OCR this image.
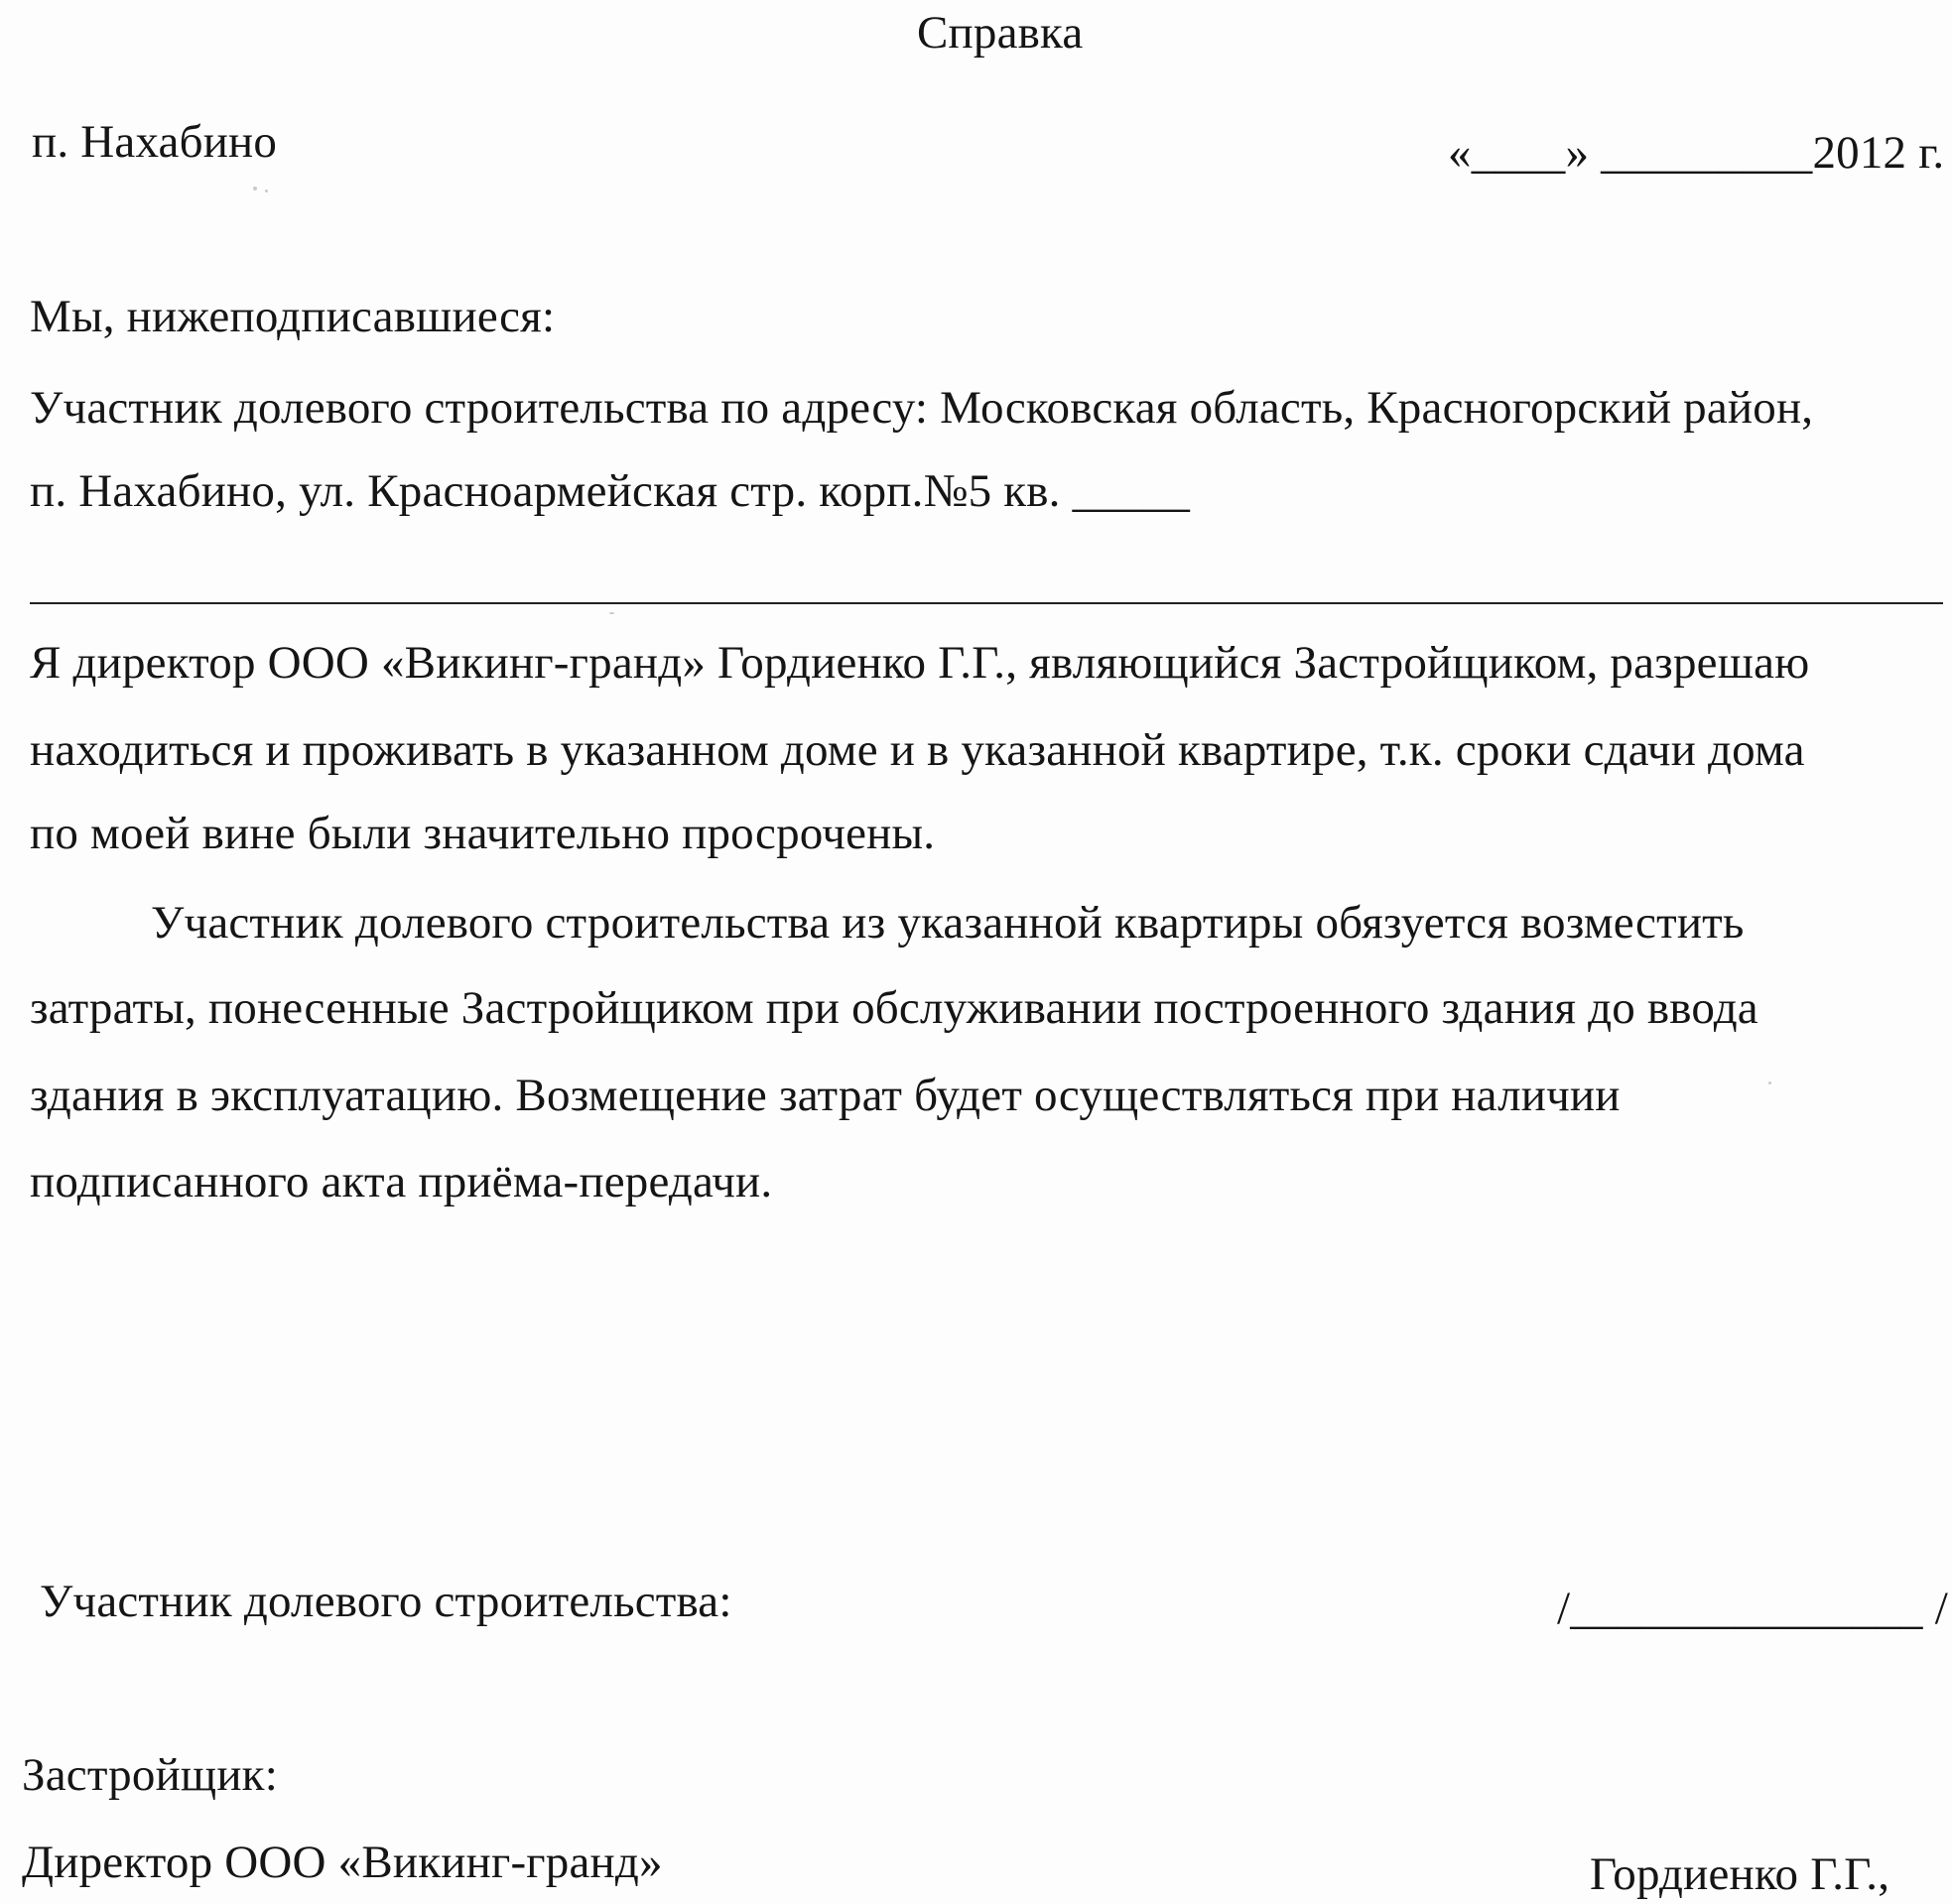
Справка
п. Нахабино	«____» _________2012 г.
Мы, нижеподписавшиеся:
Участник долевого строительства по адресу: Московская область, Красногорский район,
п. Нахабино, ул. Красноармейская стр. корп.№5 кв. _____
Я директор ООО «Викинг-гранд» Гордиенко Г.Г., являющийся Застройщиком, разрешаю
находиться и проживать в указанном доме и в указанной квартире, т.к. сроки сдачи дома
по моей вине были значительно просрочены.
Участник долевого строительства из указанной квартиры обязуется возместить
затраты, понесенные Застройщиком при обслуживании построенного здания до ввода
здания в эксплуатацию. Возмещение затрат будет осуществляться при наличии
подписанного акта приёма-передачи.
Участник долевого строительства:	/_______________ /
Застройщик:
Директор ООО «Викинг-гранд»	Гордиенко Г.Г.,
